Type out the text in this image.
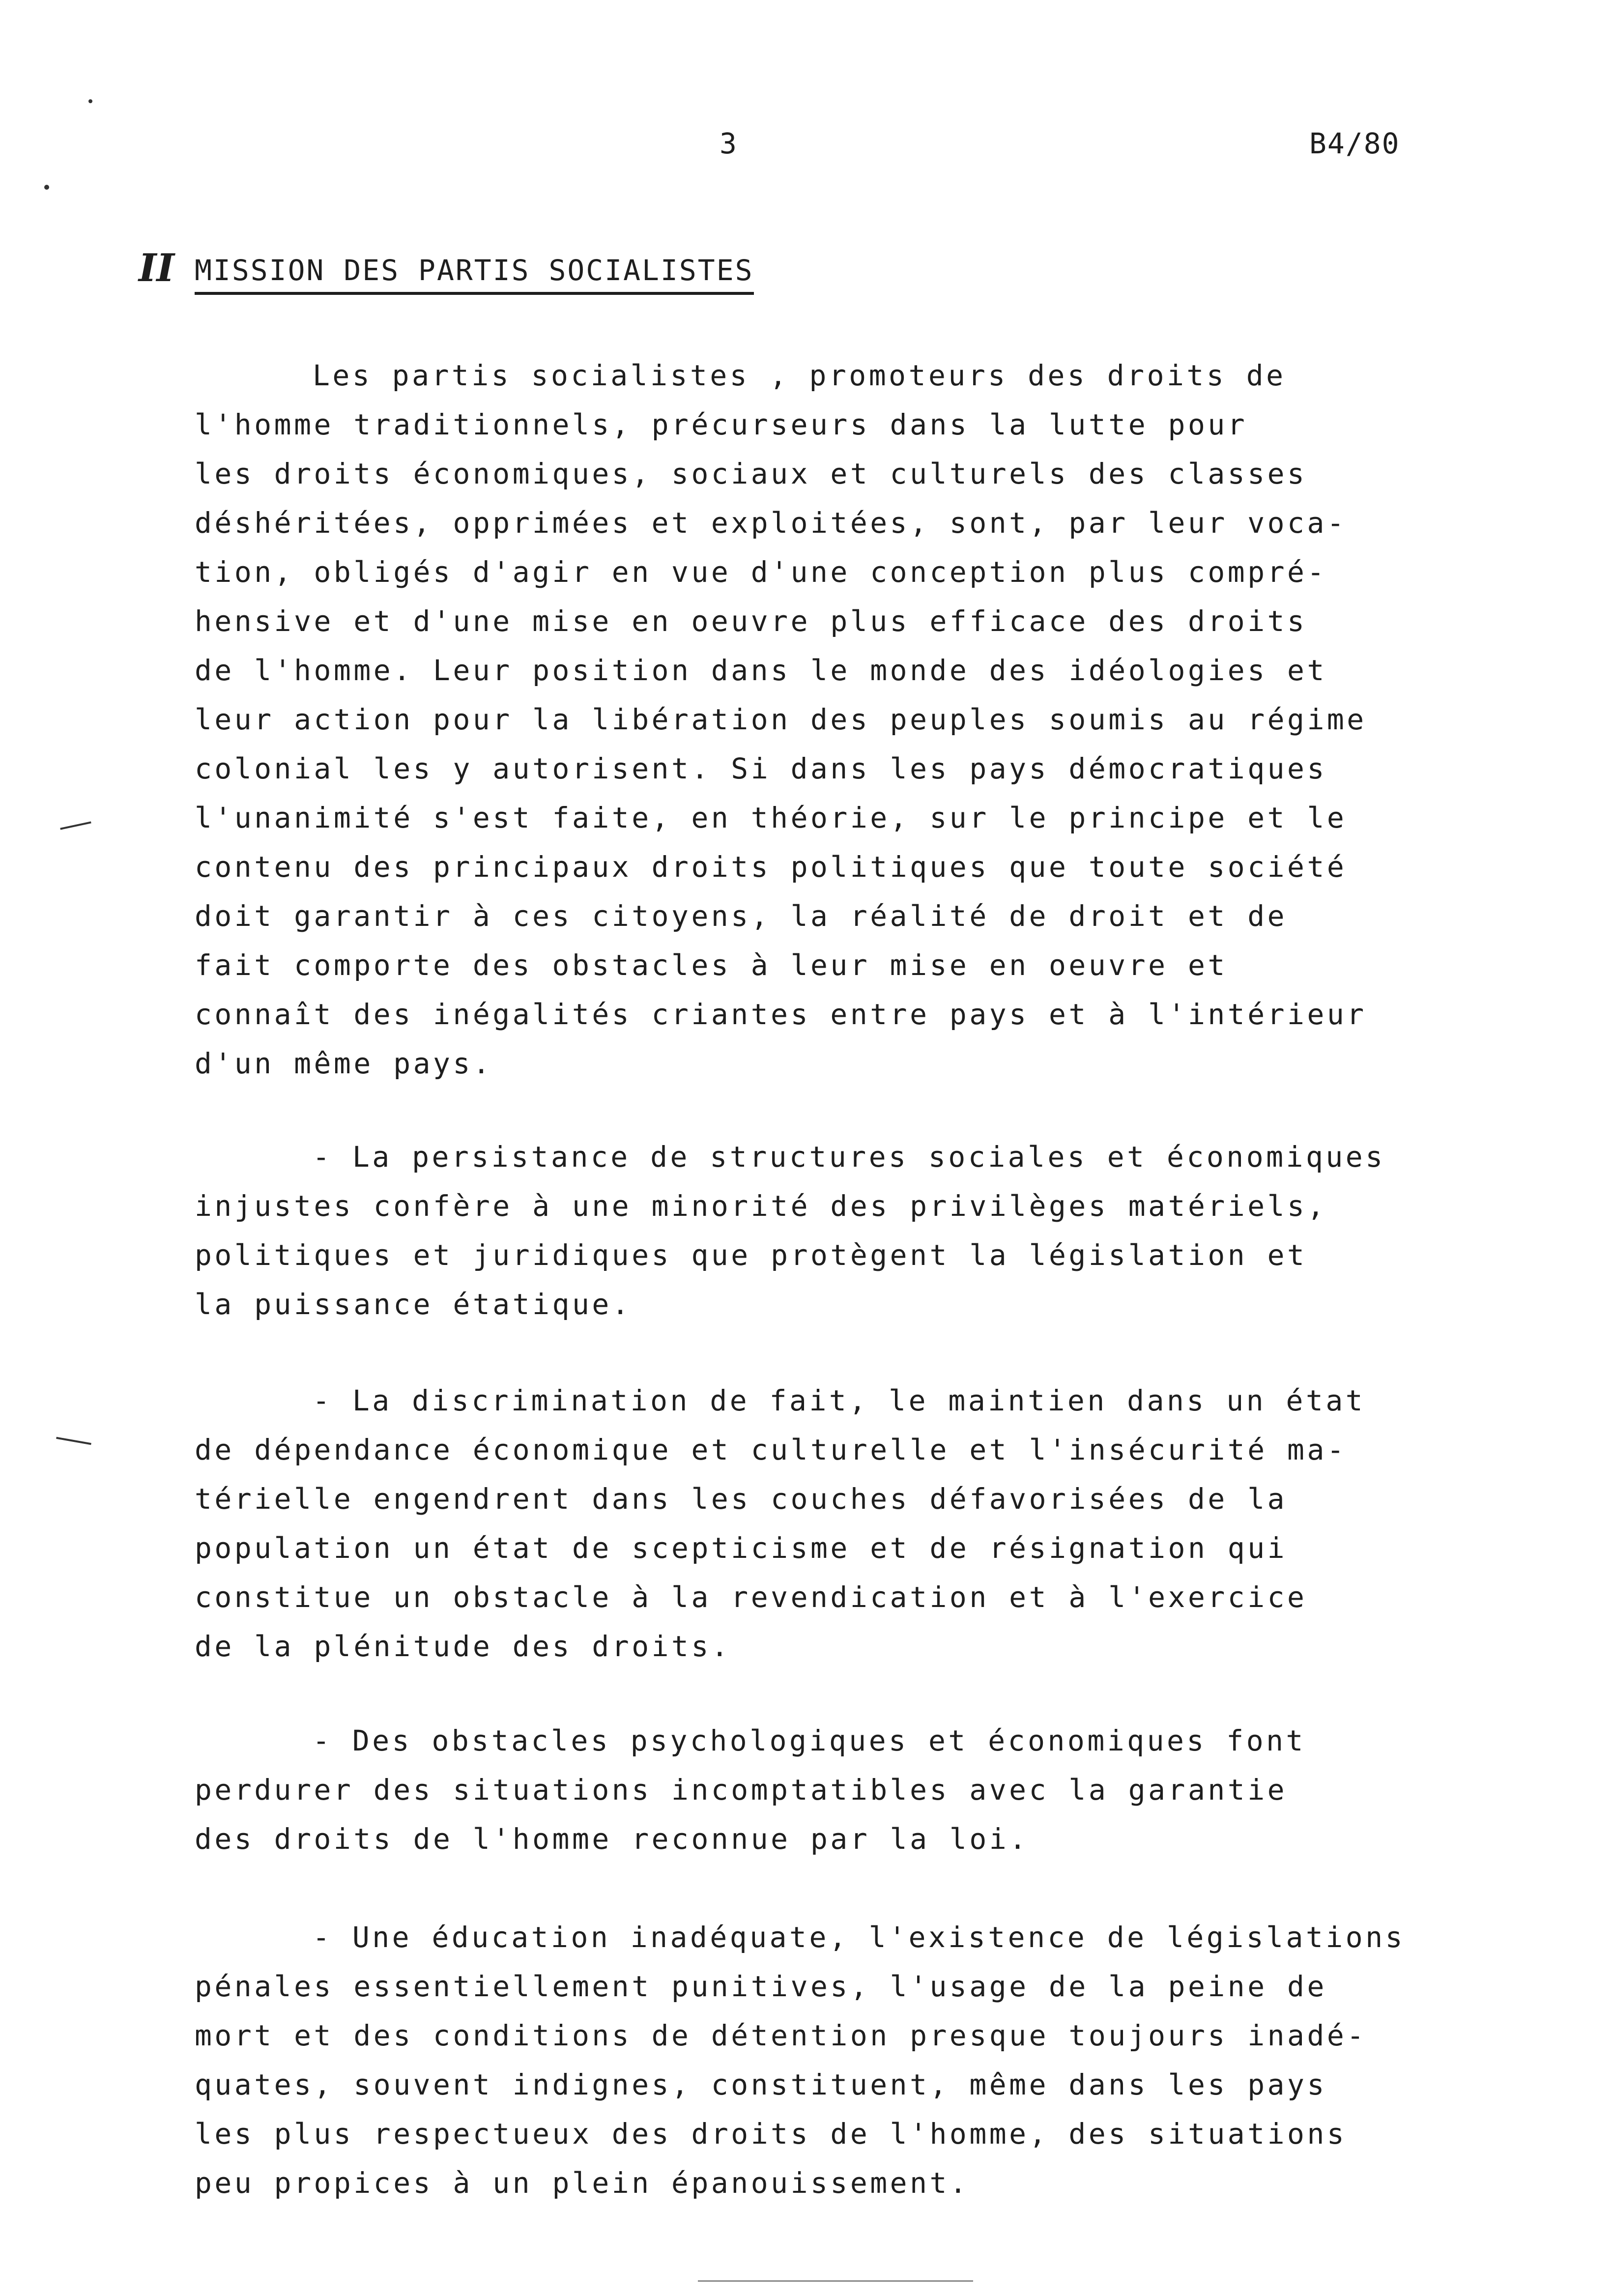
3	B4/80
II MISSION DES PARTIS SOCIALISTES
Les partis socialistes , promoteurs des droits de
l'homme traditionnels, précurseurs dans la lutte pour
les droits économiques, sociaux et culturels des classes
déshéritées, opprimées et exploitées, sont, par leur voca-
tion, obligés d'agir en vue d'une conception plus compré-
hensive et d'une mise en oeuvre plus efficace des droits
de l'homme. Leur position dans le monde des idéologies et
leur action pour la libération des peuples soumis au régime
colonial les y autorisent. Si dans les pays démocratiques
l'unanimité s'est faite, en théorie, sur le principe et le
contenu des principaux droits politiques que toute société
doit garantir à ces citoyens, la réalité de droit et de
fait comporte des obstacles à leur mise en oeuvre et
connaît des inégalités criantes entre pays et à l'intérieur
d'un même pays.
- La persistance de structures sociales et économiques
injustes confère à une minorité des privilèges matériels,
politiques et juridiques que protègent la législation et
la puissance étatique.
- La discrimination de fait, le maintien dans un état
de dépendance économique et culturelle et l'insécurité ma-
térielle engendrent dans les couches défavorisées de la
population un état de scepticisme et de résignation qui
constitue un obstacle à la revendication et à l'exercice
de la plénitude des droits.
- Des obstacles psychologiques et économiques font
perdurer des situations incomptatibles avec la garantie
des droits de l'homme reconnue par la loi.
- Une éducation inadéquate, l'existence de législations
pénales essentiellement punitives, l'usage de la peine de
mort et des conditions de détention presque toujours inadé-
quates, souvent indignes, constituent, même dans les pays
les plus respectueux des droits de l'homme, des situations
peu propices à un plein épanouissement.
